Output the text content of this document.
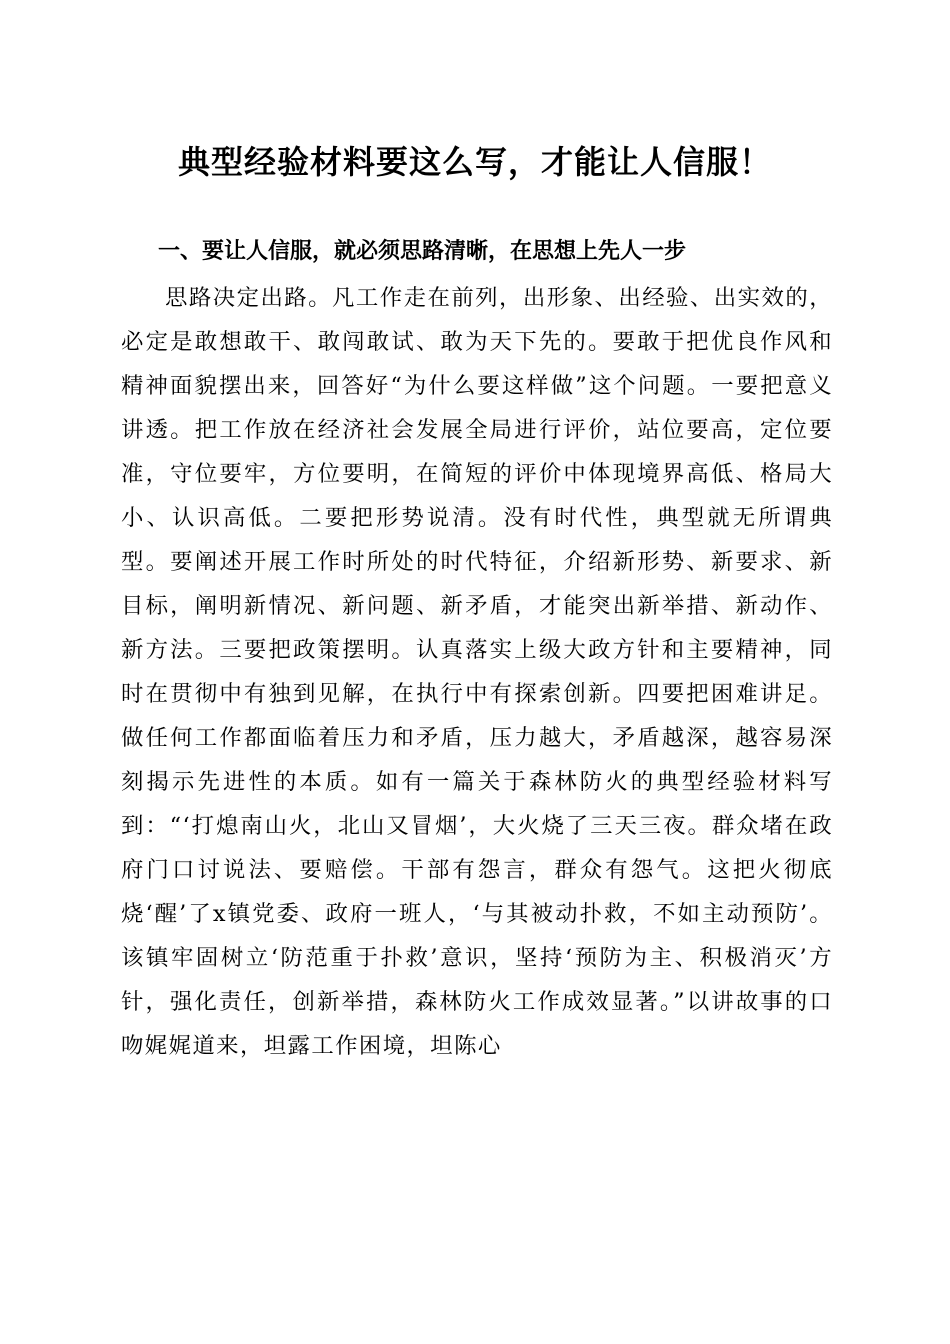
典型经验材料要这么写，才能让人信服！
一、要让人信服，就必须思路清晰，在思想上先人一步

思路决定出路。凡工作走在前列，出形象、出经验、出实效的，必定是敢想敢干、敢闯敢试、敢为天下先的。要敢于把优良作风和精神面貌摆出来，回答好“为什么要这样做”这个问题。一要把意义讲透。把工作放在经济社会发展全局进行评价，站位要高，定位要准，守位要牢，方位要明，在简短的评价中体现境界高低、格局大小、认识高低。二要把形势说清。没有时代性，典型就无所谓典型。要阐述开展工作时所处的时代特征，介绍新形势、新要求、新目标，阐明新情况、新问题、新矛盾，才能突出新举措、新动作、新方法。三要把政策摆明。认真落实上级大政方针和主要精神，同时在贯彻中有独到见解，在执行中有探索创新。四要把困难讲足。做任何工作都面临着压力和矛盾，压力越大，矛盾越深，越容易深刻揭示先进性的本质。如有一篇关于森林防火的典型经验材料写到：“‘打熄南山火，北山又冒烟’，大火烧了三天三夜。群众堵在政府门口讨说法、要赔偿。干部有怨言，群众有怨气。这把火彻底烧‘醒’了x镇党委、政府一班人，‘与其被动扑救，不如主动预防’。该镇牢固树立‘防范重于扑救’意识，坚持‘预防为主、积极消灭’方针，强化责任，创新举措，森林防火工作成效显著。”以讲故事的口吻娓娓道来，坦露工作困境，坦陈心
